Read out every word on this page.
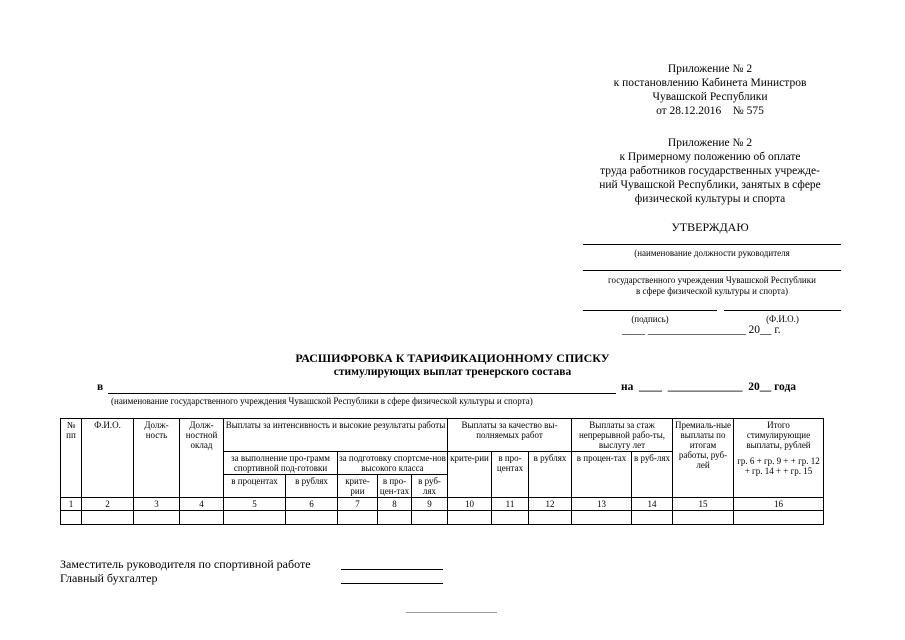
Приложение № 2
к постановлению Кабинета Министров
Чувашской Республики
от 28.12.2016    № 575
Приложение № 2
к Примерному положению об оплате
труда работников государственных учрежде-
ний Чувашской Республики, занятых в сфере
физической культуры и спорта
УТВЕРЖДАЮ
(наименование должности руководителя
государственного учреждения Чувашской Республики
в сфере физической культуры и спорта)
(подпись)	(Ф.И.О.)
____ _________________ 20__ г.
РАСШИФРОВКА К ТАРИФИКАЦИОННОМУ СПИСКУ
стимулирующих выплат тренерского состава
в	на ____  _____________  20__ года
(наименование государственного учреждения Чувашской Республики в сфере физической культуры и спорта)
№ пп	Ф.И.О.	Долж-ность	Долж-ностной оклад	Выплаты за интенсивность и высокие результаты работы					Выплаты за качество вы-полняемых работ			Выплаты за стаж непрерывной рабо-ты, выслугу лет		Премиаль-ные выплаты по итогам работы, руб-лей	Итого стимулирующие выплаты, рублей
гр. 6 + гр. 9 + + гр. 12 + гр. 14 + + гр. 15

				за выполнение про-грамм спортивной под-готовки		за подготовку спортсме-нов высокого класса			крите-рии	в про-центах	в рублях	в процен-тах	в руб-лях		
				в процентах	в рублях	крите-рии	в про-цен-тах	в руб-лях							

1	2	3	4	5	6	7	8	9	10	11	12	13	14	15	16

Заместитель руководителя по спортивной работе
Главный бухгалтер
